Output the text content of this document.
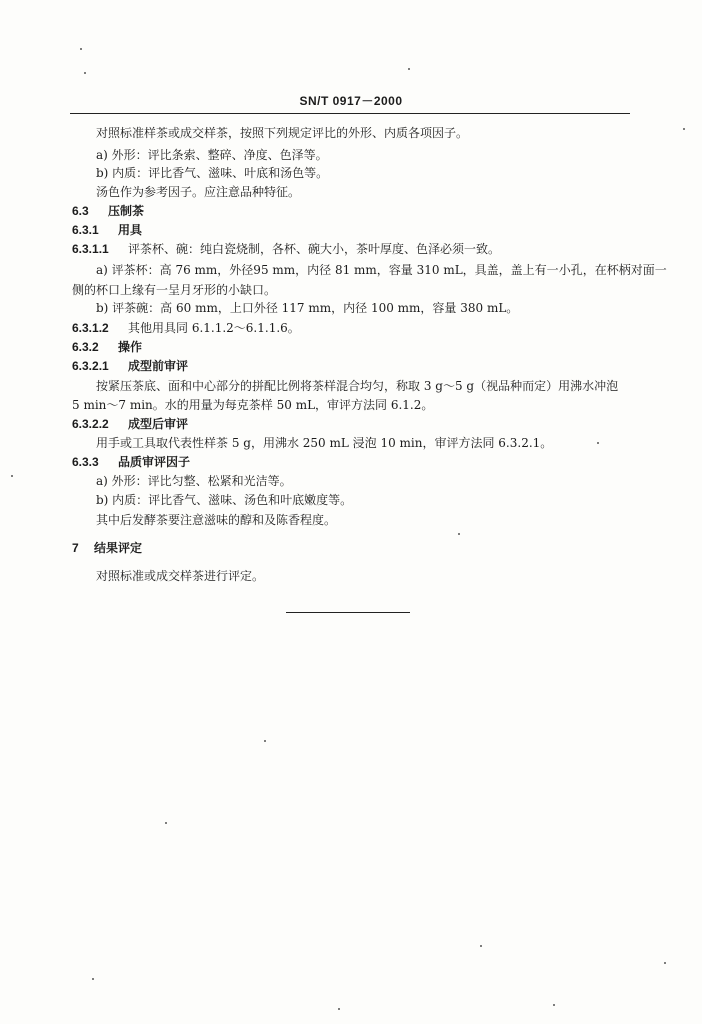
SN/T 0917－2000
对照标准样茶或成交样茶，按照下列规定评比的外形、内质各项因子。
a) 外形：评比条索、整碎、净度、色泽等。
b) 内质：评比香气、滋味、叶底和汤色等。
汤色作为参考因子。应注意品种特征。
6.3 压制茶
6.3.1 用具
6.3.1.1 评茶杯、碗：纯白瓷烧制，各杯、碗大小，茶叶厚度、色泽必须一致。
a) 评茶杯：高 76 mm，外径95 mm，内径 81 mm，容量 310 mL，具盖，盖上有一小孔，在杯柄对面一
侧的杯口上缘有一呈月牙形的小缺口。
b) 评茶碗：高 60 mm，上口外径 117 mm，内径 100 mm，容量 380 mL。
6.3.1.2 其他用具同 6.1.1.2～6.1.1.6。
6.3.2 操作
6.3.2.1 成型前审评
按紧压茶底、面和中心部分的拼配比例将茶样混合均匀，称取 3 g～5 g（视品种而定）用沸水冲泡
5 min～7 min。水的用量为每克茶样 50 mL，审评方法同 6.1.2。
6.3.2.2 成型后审评
用手或工具取代表性样茶 5 g，用沸水 250 mL 浸泡 10 min，审评方法同 6.3.2.1。
6.3.3 品质审评因子
a) 外形：评比匀整、松紧和光洁等。
b) 内质：评比香气、滋味、汤色和叶底嫩度等。
其中后发酵茶要注意滋味的醇和及陈香程度。
7 结果评定
对照标准或成交样茶进行评定。
